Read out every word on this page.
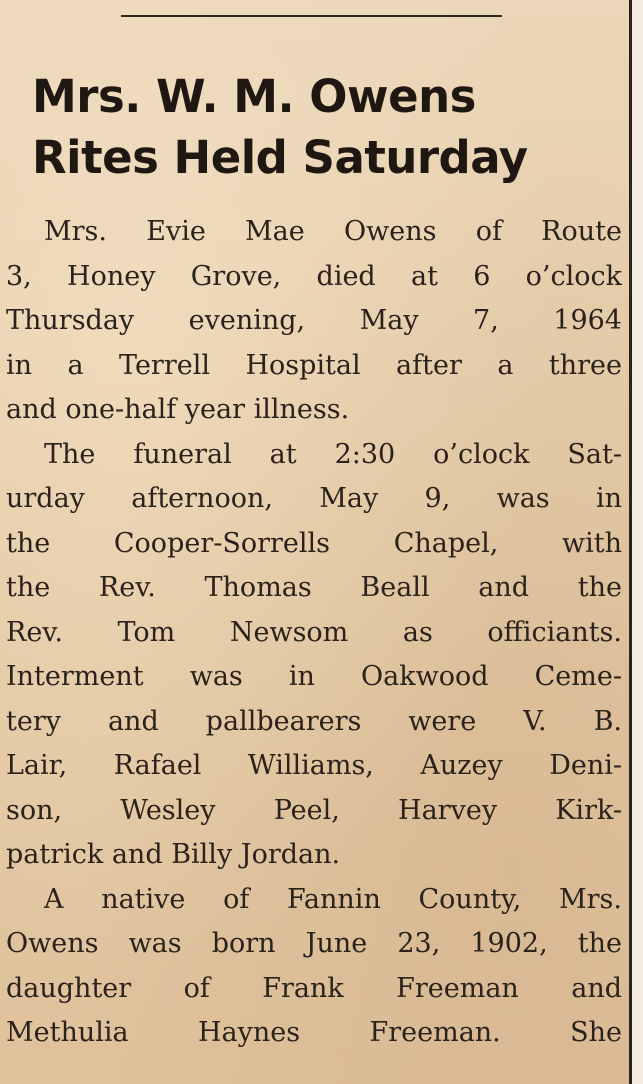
Mrs. W. M. Owens
Rites Held Saturday
Mrs. Evie Mae Owens of Route
3, Honey Grove, died at 6 o’clock
Thursday evening, May 7, 1964
in a Terrell Hospital after a three
and one-half year illness.
The funeral at 2:30 o’clock Sat-
urday afternoon, May 9, was in
the Cooper-Sorrells Chapel, with
the Rev. Thomas Beall and the
Rev. Tom Newsom as officiants.
Interment was in Oakwood Ceme-
tery and pallbearers were V. B.
Lair, Rafael Williams, Auzey Deni-
son, Wesley Peel, Harvey Kirk-
patrick and Billy Jordan.
A native of Fannin County, Mrs.
Owens was born June 23, 1902, the
daughter of Frank Freeman and
Methulia Haynes Freeman. She
